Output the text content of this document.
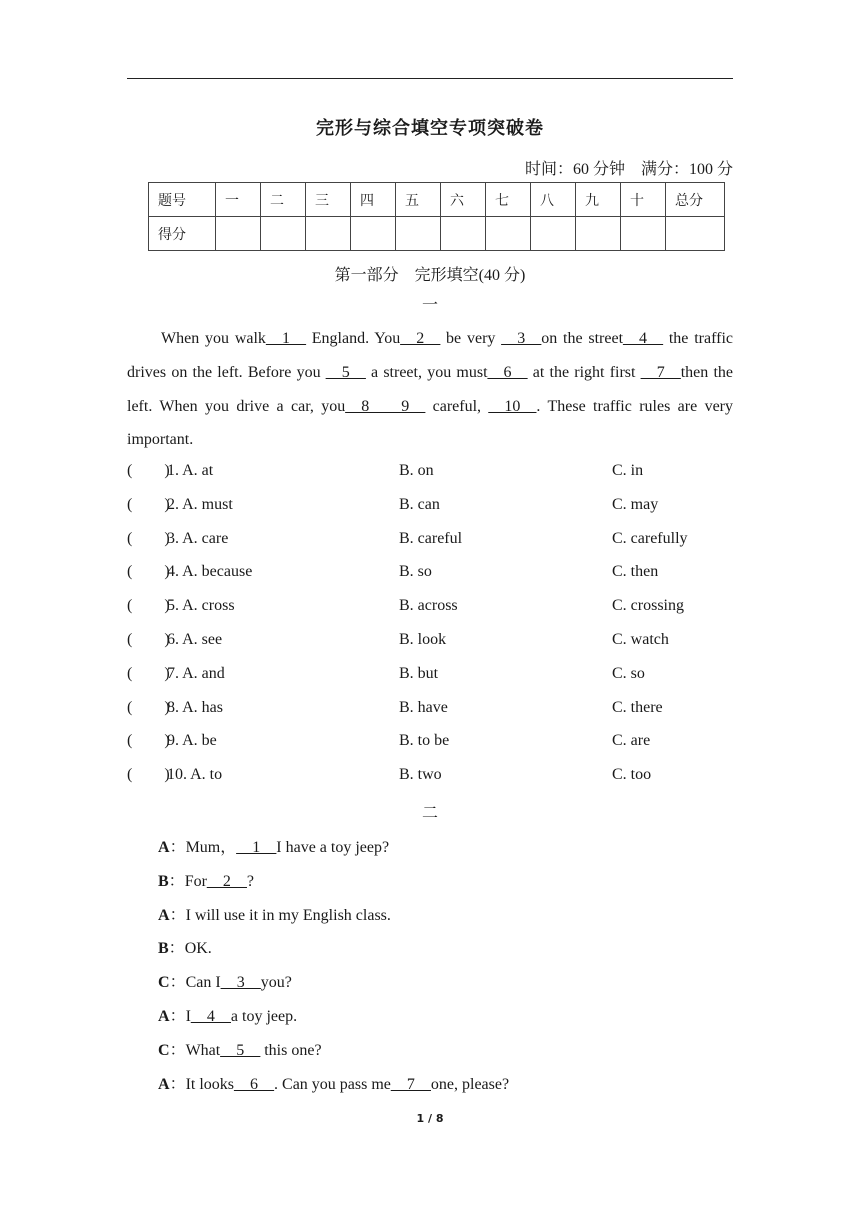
完形与综合填空专项突破卷
时间：60 分钟    满分：100 分
题号	一	二	三	四	五	六	七	八	九	十	总分
得分											
第一部分    完形填空(40 分)
一

When you walk__1__ England. You__2__ be very __3__on the street__4__ the traffic drives on the left. Before you __5__ a street, you must__6__ at the right first __7__then the left. When you drive a car, you__8____9__ careful, __10__. These traffic rules are very important.

(        )
1. A. at	B. on	C. in
(        )
2. A. must	B. can	C. may
(        )
3. A. care	B. careful	C. carefully
(        )
4. A. because	B. so	C. then
(        )
5. A. cross	B. across	C. crossing
(        )
6. A. see	B. look	C. watch
(        )
7. A. and	B. but	C. so
(        )
8. A. has	B. have	C. there
(        )
9. A. be	B. to be	C. are
(        )
10. A. to	B. two	C. too
二
A：Mum，__1__I have a toy jeep?
B：For__2__?
A：I will use it in my English class.
B：OK.
C：Can I__3__you?
A：I__4__a toy jeep.
C：What__5__ this one?
A：It looks__6__. Can you pass me__7__one, please?
1 / 8
